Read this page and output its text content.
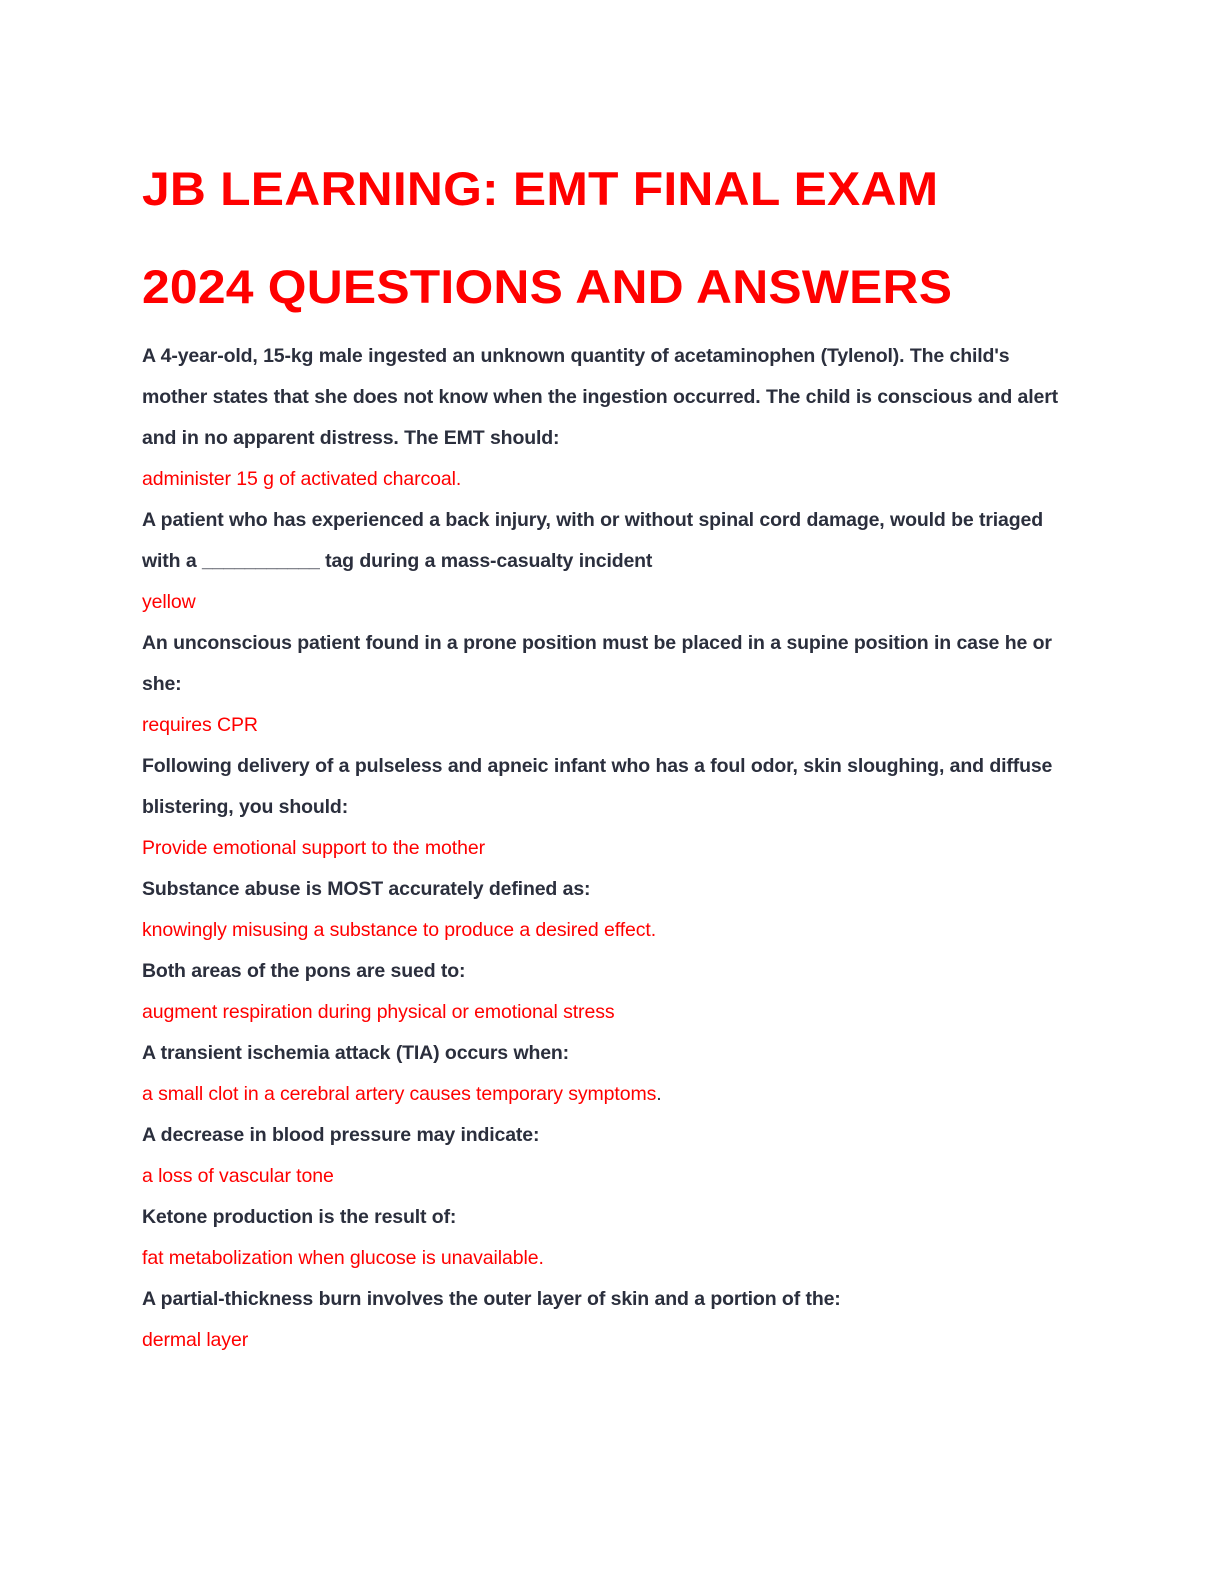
JB LEARNING: EMT FINAL EXAM
2024 QUESTIONS AND ANSWERS

A 4-year-old, 15-kg male ingested an unknown quantity of acetaminophen (Tylenol). The child's mother states that she does not know when the ingestion occurred. The child is conscious and alert and in no apparent distress. The EMT should:

administer 15 g of activated charcoal.

A patient who has experienced a back injury, with or without spinal cord damage, would be triaged with a ___________ tag during a mass-casualty incident

yellow

An unconscious patient found in a prone position must be placed in a supine position in case he or she:

requires CPR

Following delivery of a pulseless and apneic infant who has a foul odor, skin sloughing, and diffuse blistering, you should:

Provide emotional support to the mother

Substance abuse is MOST accurately defined as:

knowingly misusing a substance to produce a desired effect.

Both areas of the pons are sued to:

augment respiration during physical or emotional stress

A transient ischemia attack (TIA) occurs when:

a small clot in a cerebral artery causes temporary symptoms.

A decrease in blood pressure may indicate:

a loss of vascular tone

Ketone production is the result of:

fat metabolization when glucose is unavailable.

A partial-thickness burn involves the outer layer of skin and a portion of the:

dermal layer
